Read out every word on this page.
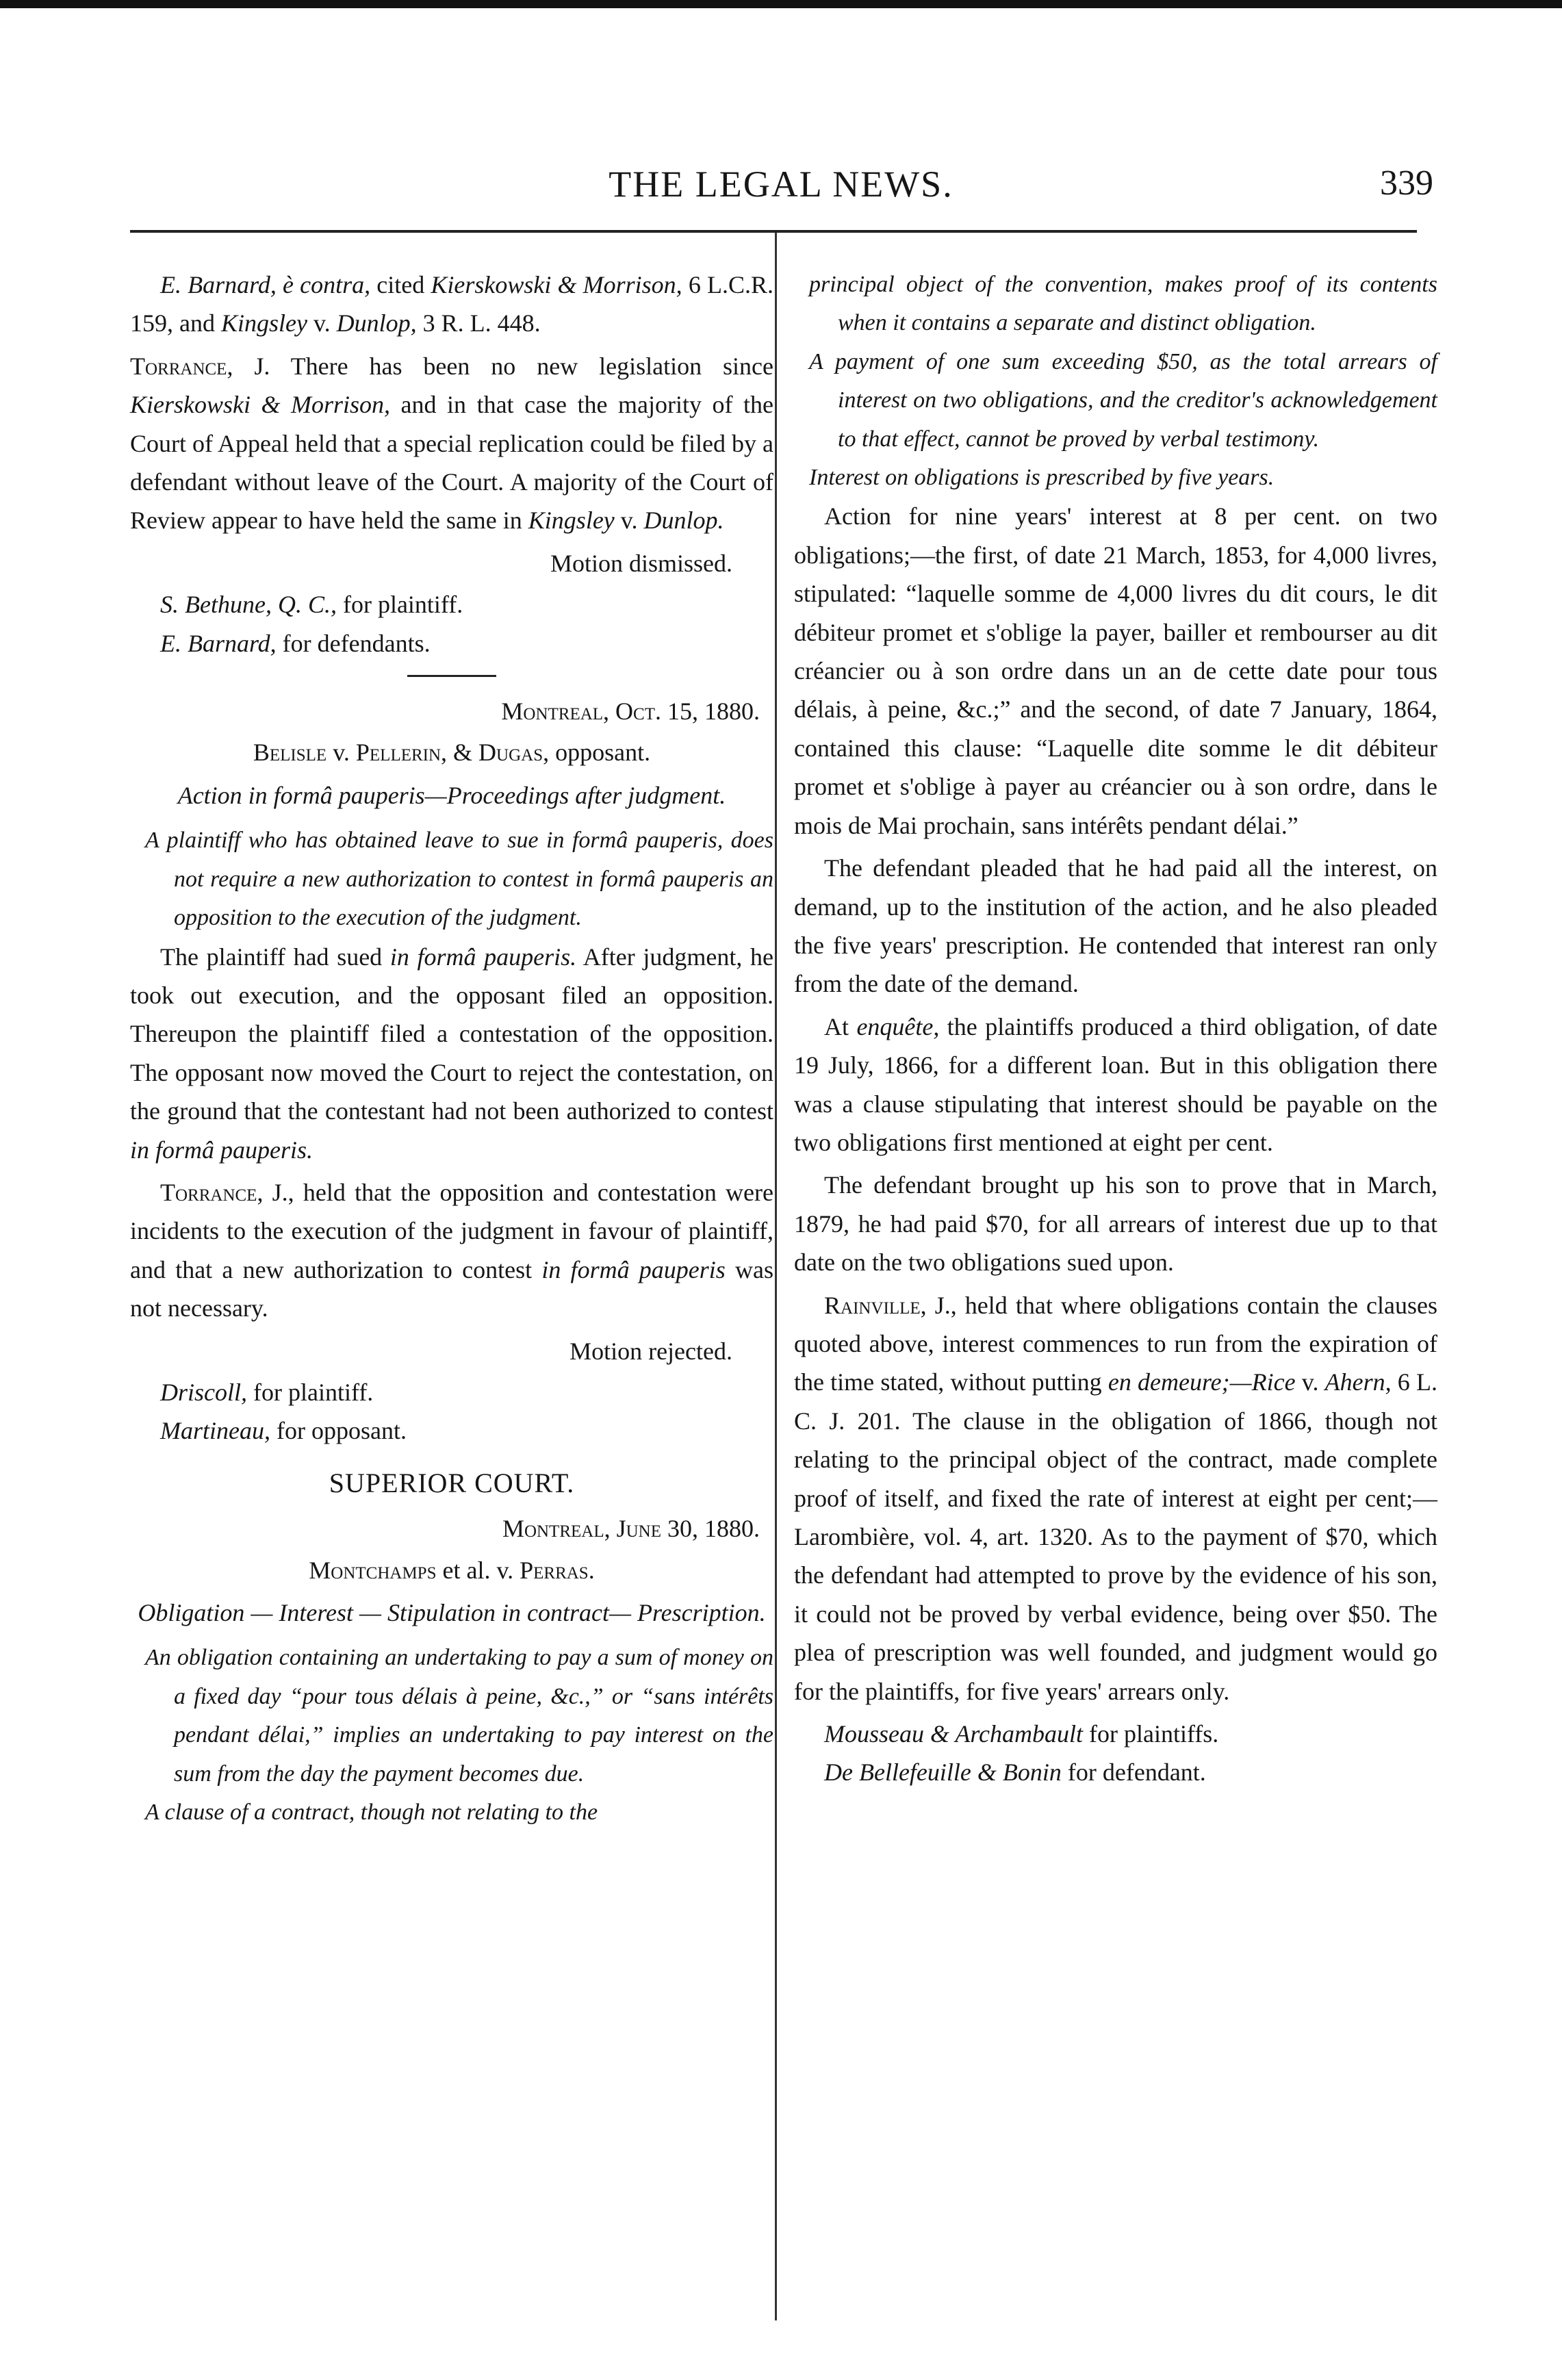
THE LEGAL NEWS.	339

E. Barnard, è contra, cited Kierskowski & Morrison, 6 L.C.R. 159, and Kingsley v. Dunlop, 3 R. L. 448.

Torrance, J. There has been no new legislation since Kierskowski & Morrison, and in that case the majority of the Court of Appeal held that a special replication could be filed by a defendant without leave of the Court. A majority of the Court of Review appear to have held the same in Kingsley v. Dunlop.

Motion dismissed.

S. Bethune, Q. C., for plaintiff.

E. Barnard, for defendants.

Montreal, Oct. 15, 1880.

Belisle v. Pellerin, & Dugas, opposant.

Action in formâ pauperis—Proceedings after judgment.

A plaintiff who has obtained leave to sue in formâ pauperis, does not require a new authorization to contest in formâ pauperis an opposition to the execution of the judgment.

The plaintiff had sued in formâ pauperis. After judgment, he took out execution, and the opposant filed an opposition. Thereupon the plaintiff filed a contestation of the opposition. The opposant now moved the Court to reject the contestation, on the ground that the contestant had not been authorized to contest in formâ pauperis.

Torrance, J., held that the opposition and contestation were incidents to the execution of the judgment in favour of plaintiff, and that a new authorization to contest in formâ pauperis was not necessary.

Motion rejected.

Driscoll, for plaintiff.

Martineau, for opposant.

SUPERIOR COURT.

Montreal, June 30, 1880.

Montchamps et al. v. Perras.

Obligation — Interest — Stipulation in contract— Prescription.

An obligation containing an undertaking to pay a sum of money on a fixed day “pour tous délais à peine, &c.,” or “sans intérêts pendant délai,” implies an undertaking to pay interest on the sum from the day the payment becomes due.

A clause of a contract, though not relating to the

principal object of the convention, makes proof of its contents when it contains a separate and distinct obligation.

A payment of one sum exceeding $50, as the total arrears of interest on two obligations, and the creditor's acknowledgement to that effect, cannot be proved by verbal testimony.

Interest on obligations is prescribed by five years.

Action for nine years' interest at 8 per cent. on two obligations;—the first, of date 21 March, 1853, for 4,000 livres, stipulated: “laquelle somme de 4,000 livres du dit cours, le dit débiteur promet et s'oblige la payer, bailler et rembourser au dit créancier ou à son ordre dans un an de cette date pour tous délais, à peine, &c.;” and the second, of date 7 January, 1864, contained this clause: “Laquelle dite somme le dit débiteur promet et s'oblige à payer au créancier ou à son ordre, dans le mois de Mai prochain, sans intérêts pendant délai.”

The defendant pleaded that he had paid all the interest, on demand, up to the institution of the action, and he also pleaded the five years' prescription. He contended that interest ran only from the date of the demand.

At enquête, the plaintiffs produced a third obligation, of date 19 July, 1866, for a different loan. But in this obligation there was a clause stipulating that interest should be payable on the two obligations first mentioned at eight per cent.

The defendant brought up his son to prove that in March, 1879, he had paid $70, for all arrears of interest due up to that date on the two obligations sued upon.

Rainville, J., held that where obligations contain the clauses quoted above, interest commences to run from the expiration of the time stated, without putting en demeure;—Rice v. Ahern, 6 L. C. J. 201. The clause in the obligation of 1866, though not relating to the principal object of the contract, made complete proof of itself, and fixed the rate of interest at eight per cent;—Larombière, vol. 4, art. 1320. As to the payment of $70, which the defendant had attempted to prove by the evidence of his son, it could not be proved by verbal evidence, being over $50. The plea of prescription was well founded, and judgment would go for the plaintiffs, for five years' arrears only.

Mousseau & Archambault for plaintiffs.

De Bellefeuille & Bonin for defendant.
